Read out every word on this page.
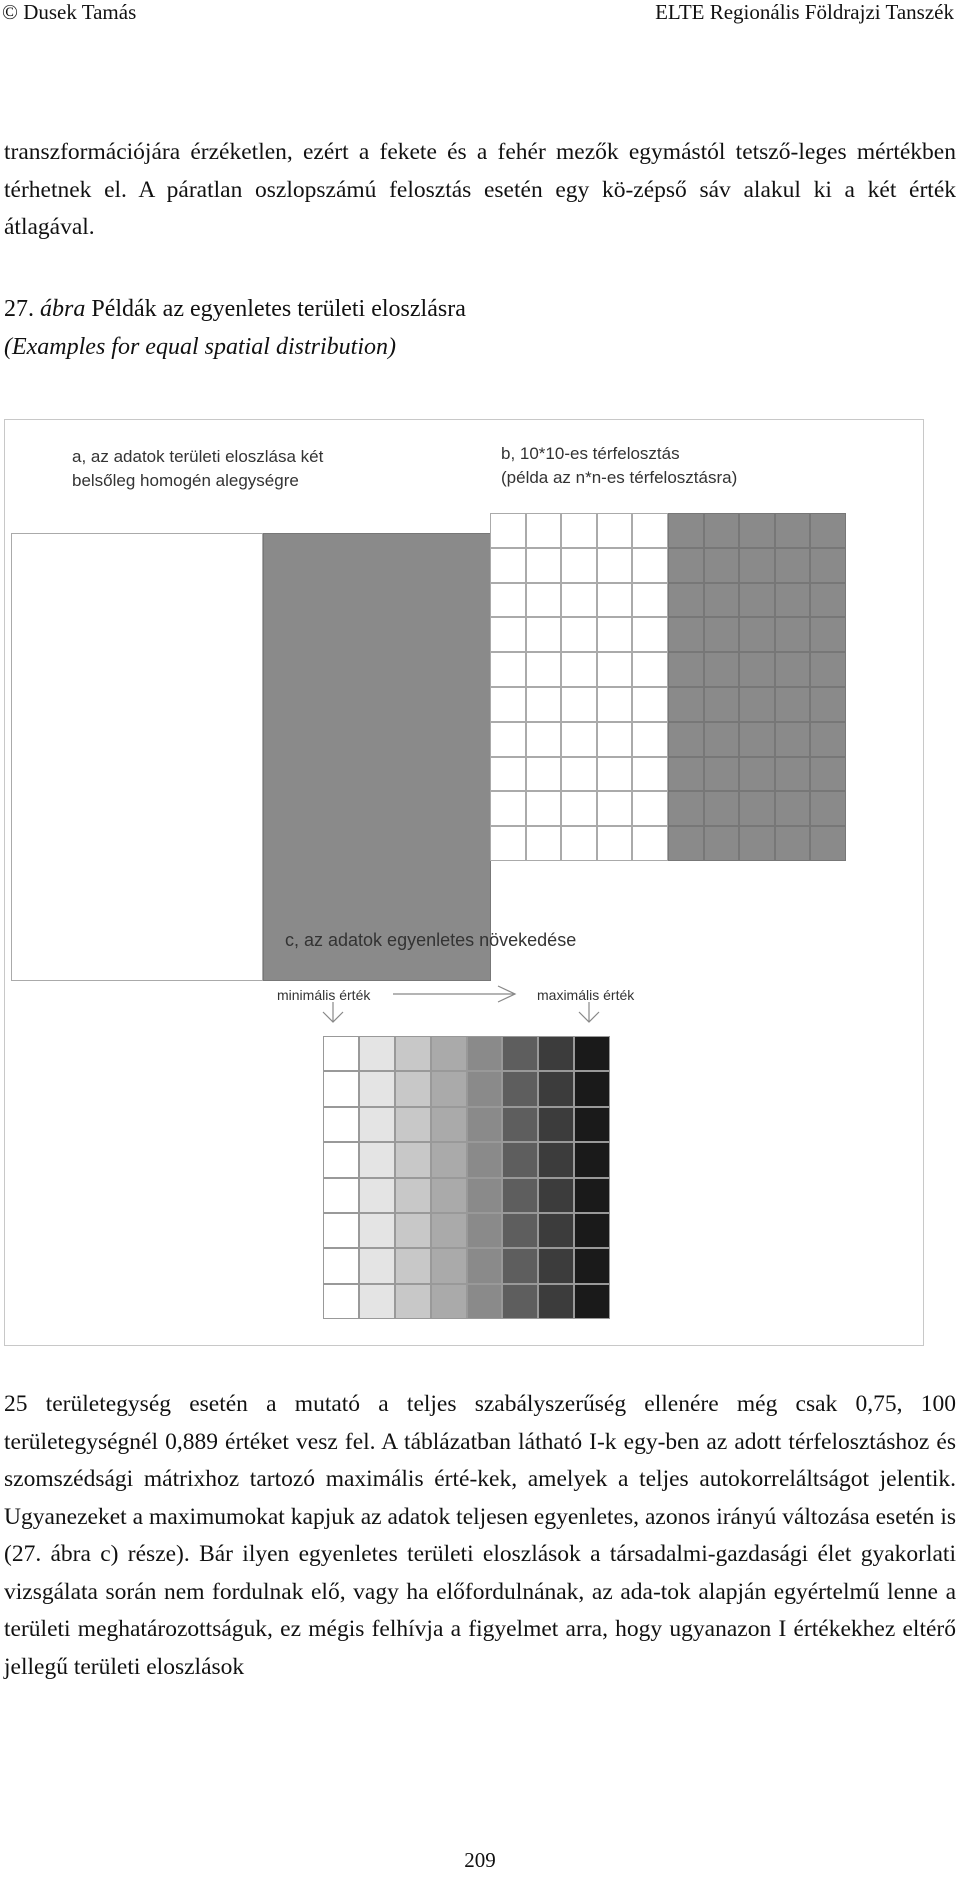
© Dusek Tamás	ELTE Regionális Földrajzi Tanszék
transzformációjára érzéketlen, ezért a fekete és a fehér mezők egymástól tetsző-leges mértékben térhetnek el. A páratlan oszlopszámú felosztás esetén egy kö-zépső sáv alakul ki a két érték átlagával.
27. ábra Példák az egyenletes területi eloszlásra
(Examples for equal spatial distribution)
a, az adatok területi eloszlása két
belsőleg homogén alegységre
b, 10*10-es térfelosztás
(példa az n*n-es térfelosztásra)
c, az adatok egyenletes növekedése
minimális érték	maximális érték
25 területegység esetén a mutató a teljes szabályszerűség ellenére még csak 0,75, 100 területegységnél 0,889 értéket vesz fel. A táblázatban látható I-k egy-ben az adott térfelosztáshoz és szomszédsági mátrixhoz tartozó maximális érté-kek, amelyek a teljes autokorreláltságot jelentik. Ugyanezeket a maximumokat kapjuk az adatok teljesen egyenletes, azonos irányú változása esetén is (27. ábra c) része). Bár ilyen egyenletes területi eloszlások a társadalmi-gazdasági élet gyakorlati vizsgálata során nem fordulnak elő, vagy ha előfordulnának, az ada-tok alapján egyértelmű lenne a területi meghatározottságuk, ez mégis felhívja a figyelmet arra, hogy ugyanazon I értékekhez eltérő jellegű területi eloszlások
209
